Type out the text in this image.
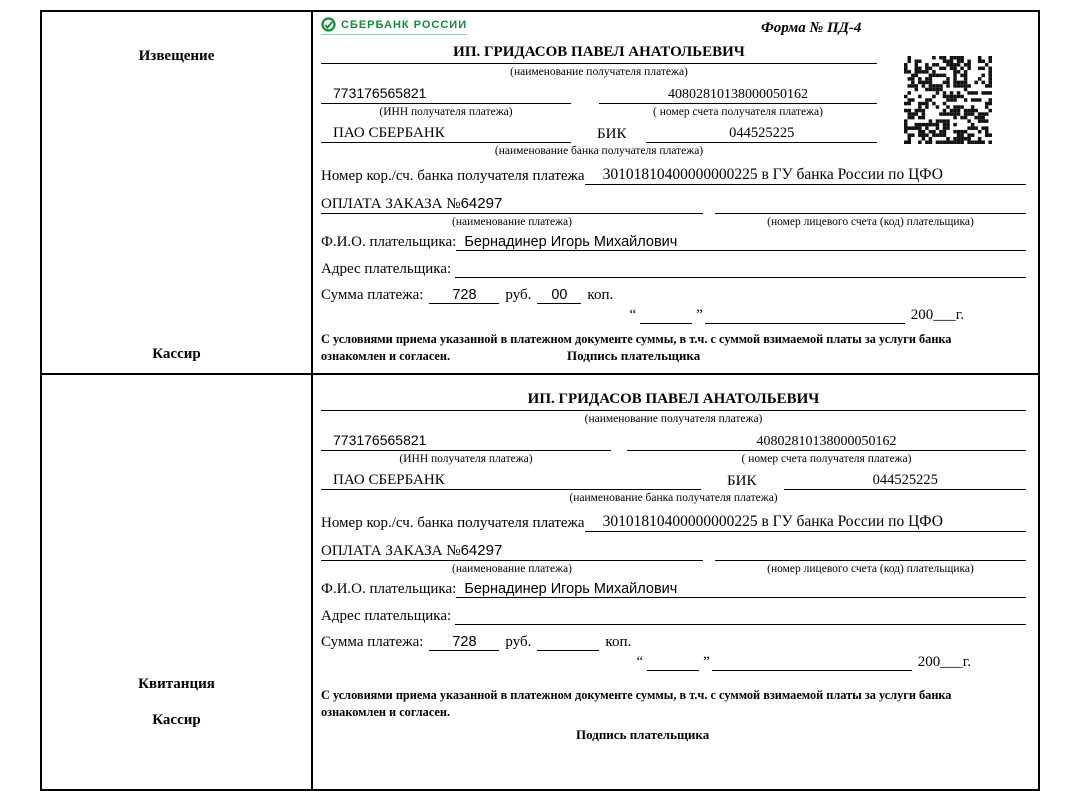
Извещение
Кассир
СБЕРБАНК РОССИИ	Форма № ПД-4
ИП. ГРИДАСОВ ПАВЕЛ АНАТОЛЬЕВИЧ
(наименование получателя платежа)
773176565821	40802810138000050162
(ИНН получателя платежа)	( номер счета получателя платежа)
ПАО СБЕРБАНК	БИК	044525225
(наименование банка получателя платежа)
Номер кор./сч. банка получателя платежа	30101810400000000225 в ГУ банка России по ЦФО
ОПЛАТА ЗАКАЗА №64297
(наименование платежа)	(номер лицевого счета (код) плательщика)
Ф.И.О. плательщика: Бернадинер Игорь Михайлович
Адрес плательщика:
Сумма платежа:	728	руб.	00	коп.
“	”	200___г.

С условиями приема указанной в платежном документе суммы, в т.ч. с суммой взимаемой платы за услуги банка ознакомлен и согласен.	Подпись плательщика
Квитанция
Кассир
ИП. ГРИДАСОВ ПАВЕЛ АНАТОЛЬЕВИЧ
(наименование получателя платежа)
773176565821	40802810138000050162
(ИНН получателя платежа)	( номер счета получателя платежа)
ПАО СБЕРБАНК	БИК	044525225
(наименование банка получателя платежа)
Номер кор./сч. банка получателя платежа	30101810400000000225 в ГУ банка России по ЦФО
ОПЛАТА ЗАКАЗА №64297
(наименование платежа)	(номер лицевого счета (код) плательщика)
Ф.И.О. плательщика: Бернадинер Игорь Михайлович
Адрес плательщика:
Сумма платежа:	728	руб.	коп.
“	”	200___г.

С условиями приема указанной в платежном документе суммы, в т.ч. с суммой взимаемой платы за услуги банка ознакомлен и согласен.

Подпись плательщика
